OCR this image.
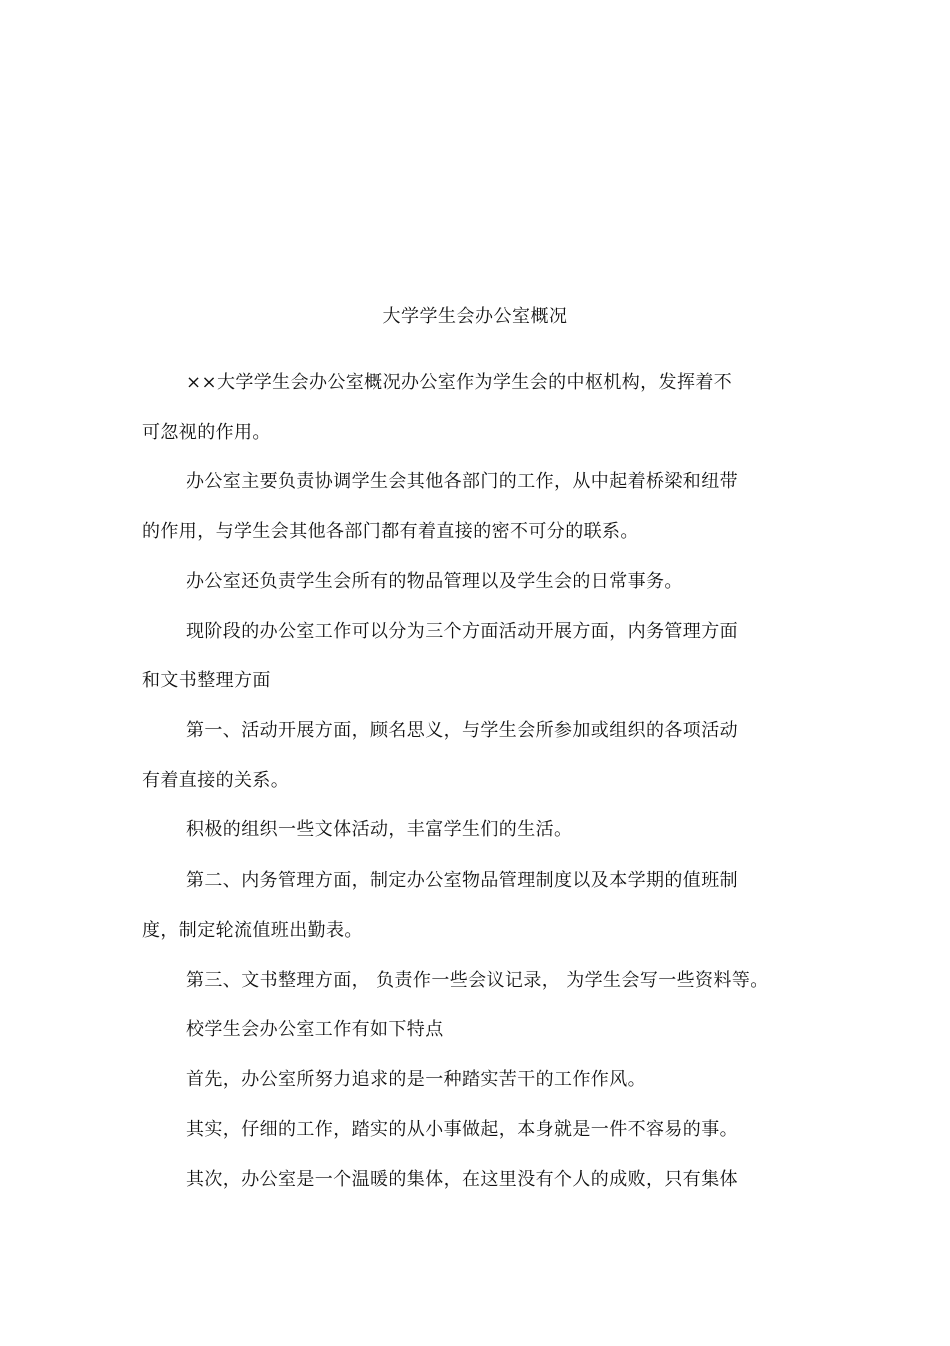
大学学生会办公室概况
××大学学生会办公室概况办公室作为学生会的中枢机构，发挥着不
可忽视的作用。
办公室主要负责协调学生会其他各部门的工作，从中起着桥梁和纽带
的作用，与学生会其他各部门都有着直接的密不可分的联系。
办公室还负责学生会所有的物品管理以及学生会的日常事务。
现阶段的办公室工作可以分为三个方面活动开展方面，内务管理方面
和文书整理方面
第一、活动开展方面，顾名思义，与学生会所参加或组织的各项活动
有着直接的关系。
积极的组织一些文体活动，丰富学生们的生活。
第二、内务管理方面，制定办公室物品管理制度以及本学期的值班制
度，制定轮流值班出勤表。
第三、文书整理方面， 负责作一些会议记录， 为学生会写一些资料等。
校学生会办公室工作有如下特点
首先，办公室所努力追求的是一种踏实苦干的工作作风。
其实，仔细的工作，踏实的从小事做起，本身就是一件不容易的事。
其次，办公室是一个温暖的集体，在这里没有个人的成败，只有集体
